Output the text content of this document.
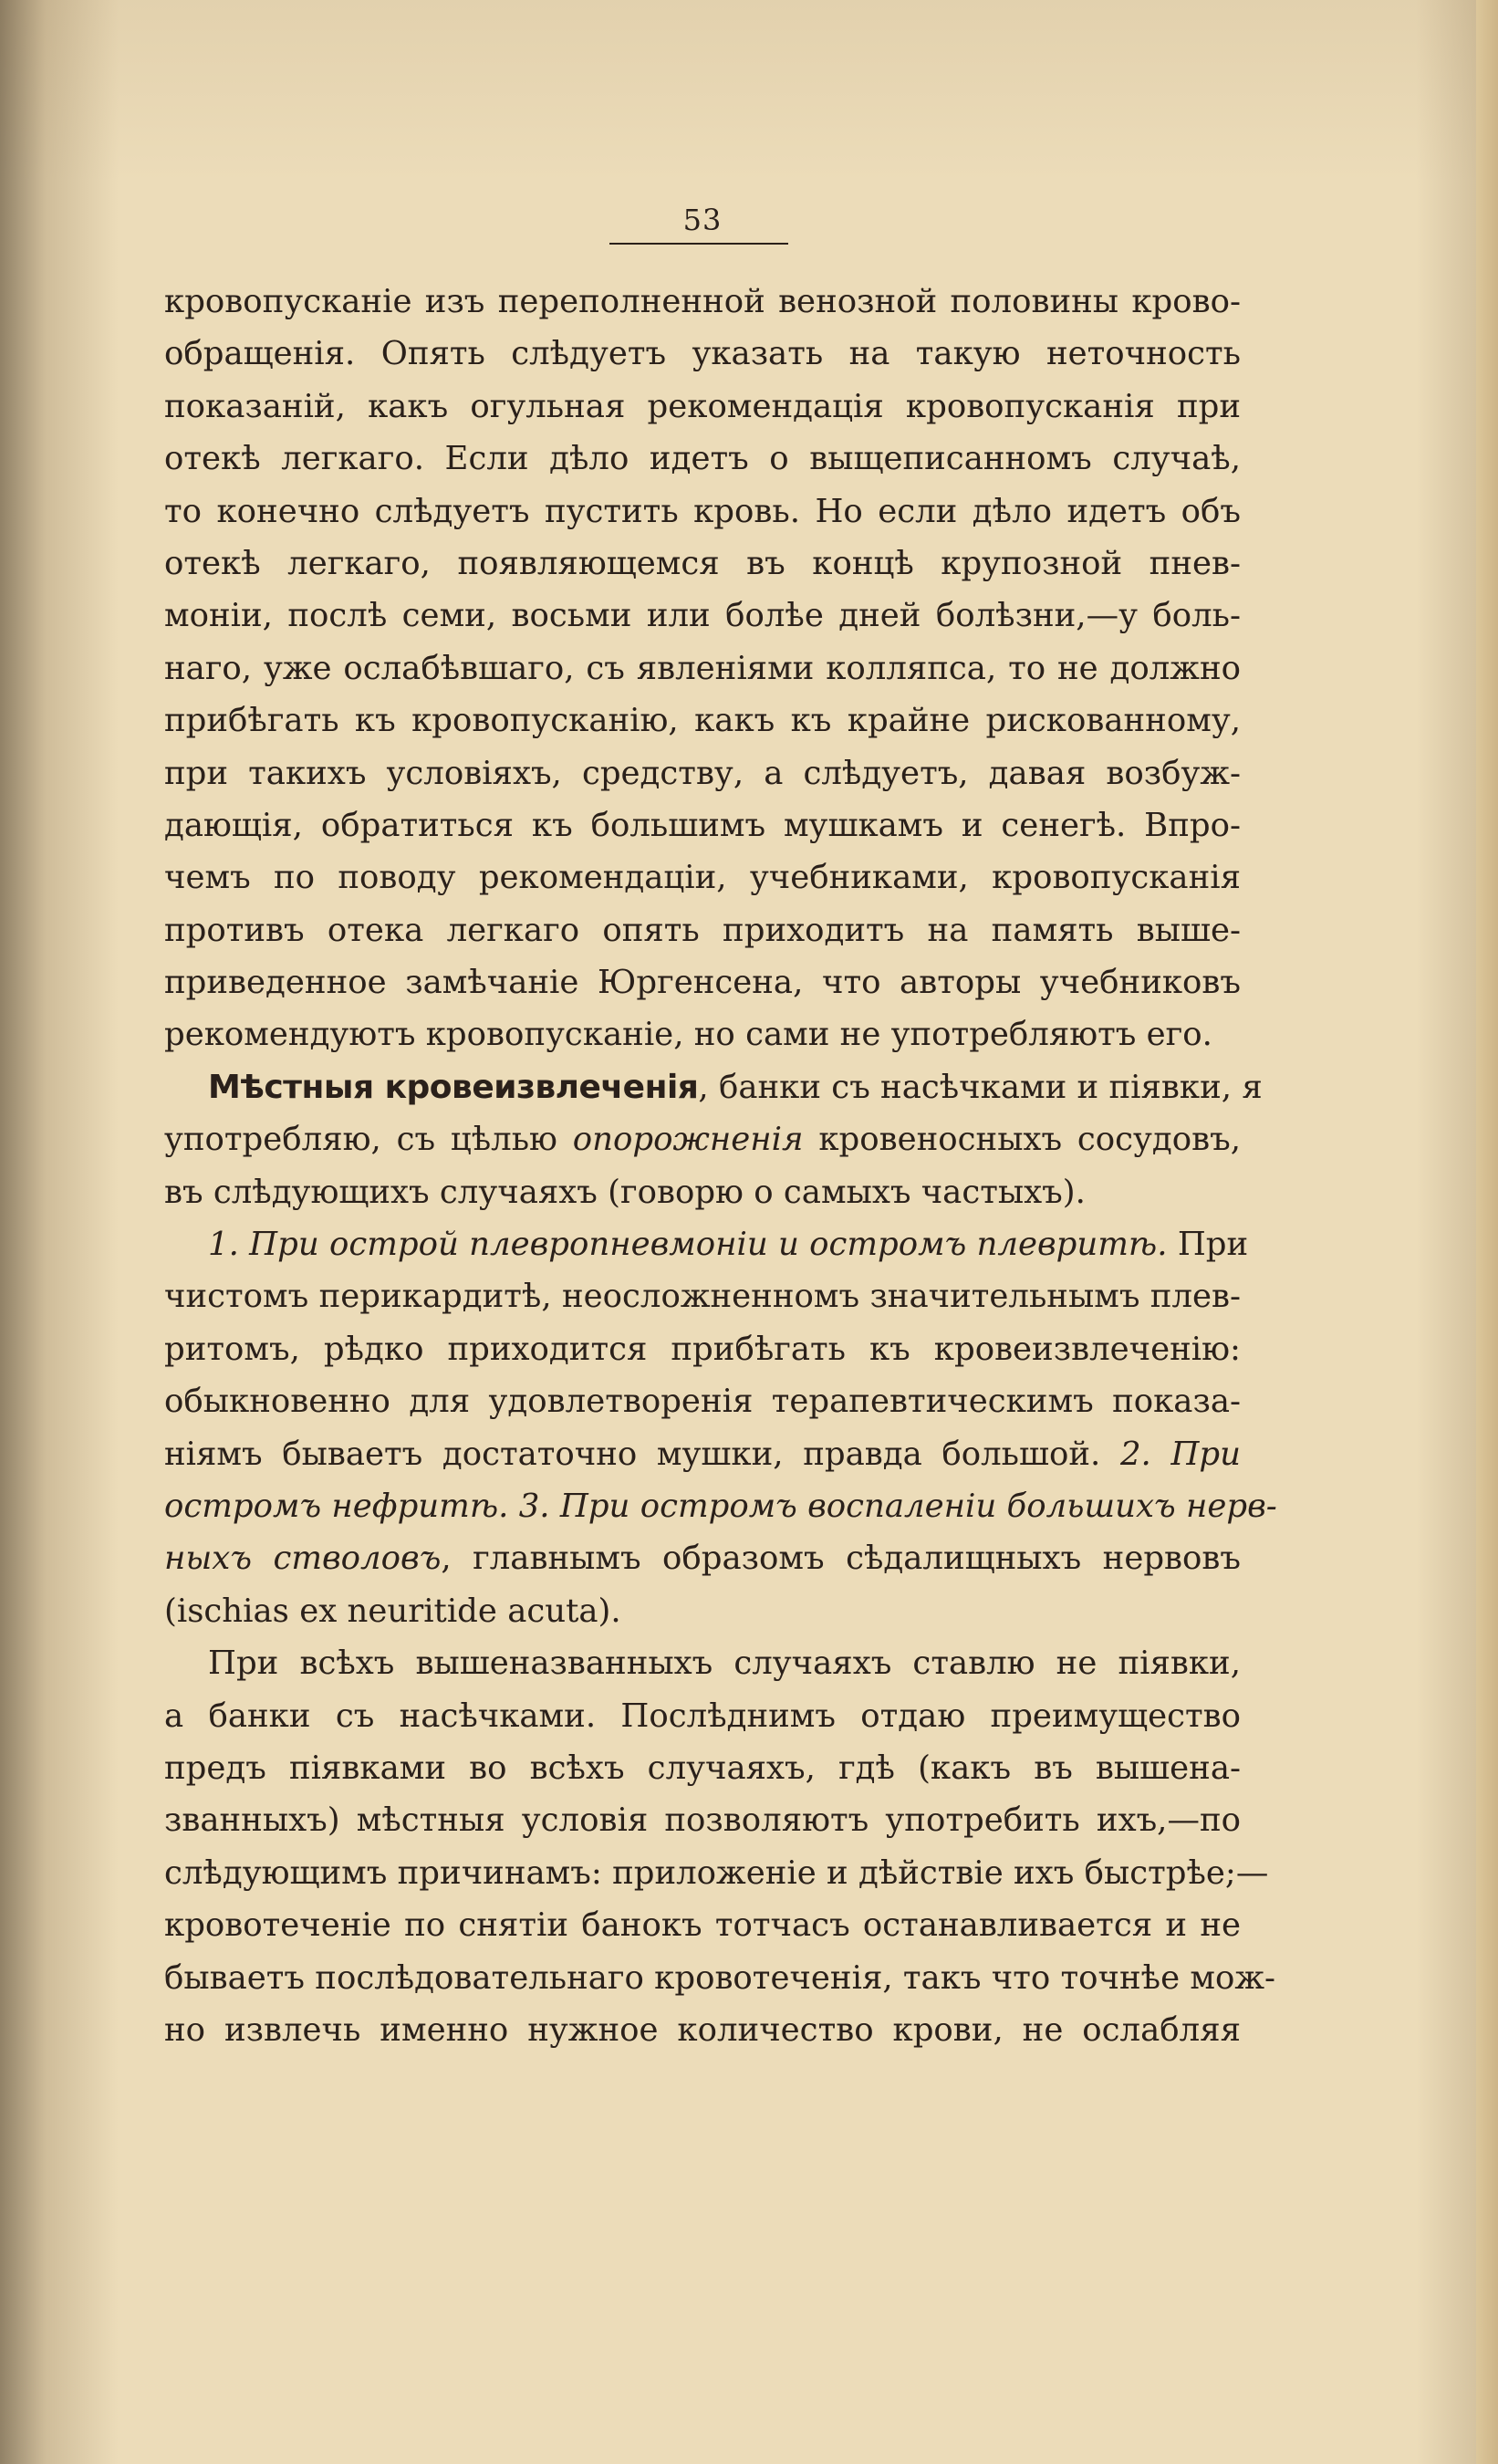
53
кровопусканіе изъ переполненной венозной половины крово-
обращенія. Опять слѣдуетъ указать на такую неточность
показаній, какъ огульная рекомендація кровопусканія при
отекѣ легкаго. Если дѣло идетъ о выщеписанномъ случаѣ,
то конечно слѣдуетъ пустить кровь. Но если дѣло идетъ объ
отекѣ легкаго, появляющемся въ концѣ крупозной пнев-
моніи, послѣ семи, восьми или болѣе дней болѣзни,—у боль-
наго, уже ослабѣвшаго, съ явленіями колляпса, то не должно
прибѣгать къ кровопусканію, какъ къ крайне рискованному,
при такихъ условіяхъ, средству, а слѣдуетъ, давая возбуж-
дающія, обратиться къ большимъ мушкамъ и сенегѣ. Впро-
чемъ по поводу рекомендаціи, учебниками, кровопусканія
противъ отека легкаго опять приходитъ на память выше-
приведенное замѣчаніе Юргенсена, что авторы учебниковъ
рекомендуютъ кровопусканіе, но сами не употребляютъ его.
Мѣстныя кровеизвлеченія, банки съ насѣчками и піявки, я
употребляю, съ цѣлью опорожненія кровеносныхъ сосудовъ,
въ слѣдующихъ случаяхъ (говорю о самыхъ частыхъ).
1. При острой плевропневмоніи и остромъ плевритѣ. При
чистомъ перикардитѣ, неосложненномъ значительнымъ плев-
ритомъ, рѣдко приходится прибѣгать къ кровеизвлеченію:
обыкновенно для удовлетворенія терапевтическимъ показа-
ніямъ бываетъ достаточно мушки, правда большой. 2. При
остромъ нефритѣ. 3. При остромъ воспаленіи большихъ нерв-
ныхъ стволовъ, главнымъ образомъ сѣдалищныхъ нервовъ
(ischias ex neuritide acuta).
При всѣхъ вышеназванныхъ случаяхъ ставлю не піявки,
а банки съ насѣчками. Послѣднимъ отдаю преимущество
предъ піявками во всѣхъ случаяхъ, гдѣ (какъ въ вышена-
званныхъ) мѣстныя условія позволяютъ употребить ихъ,—по
слѣдующимъ причинамъ: приложеніе и дѣйствіе ихъ быстрѣе;—
кровотеченіе по снятіи банокъ тотчасъ останавливается и не
бываетъ послѣдовательнаго кровотеченія, такъ что точнѣе мож-
но извлечь именно нужное количество крови, не ослабляя
